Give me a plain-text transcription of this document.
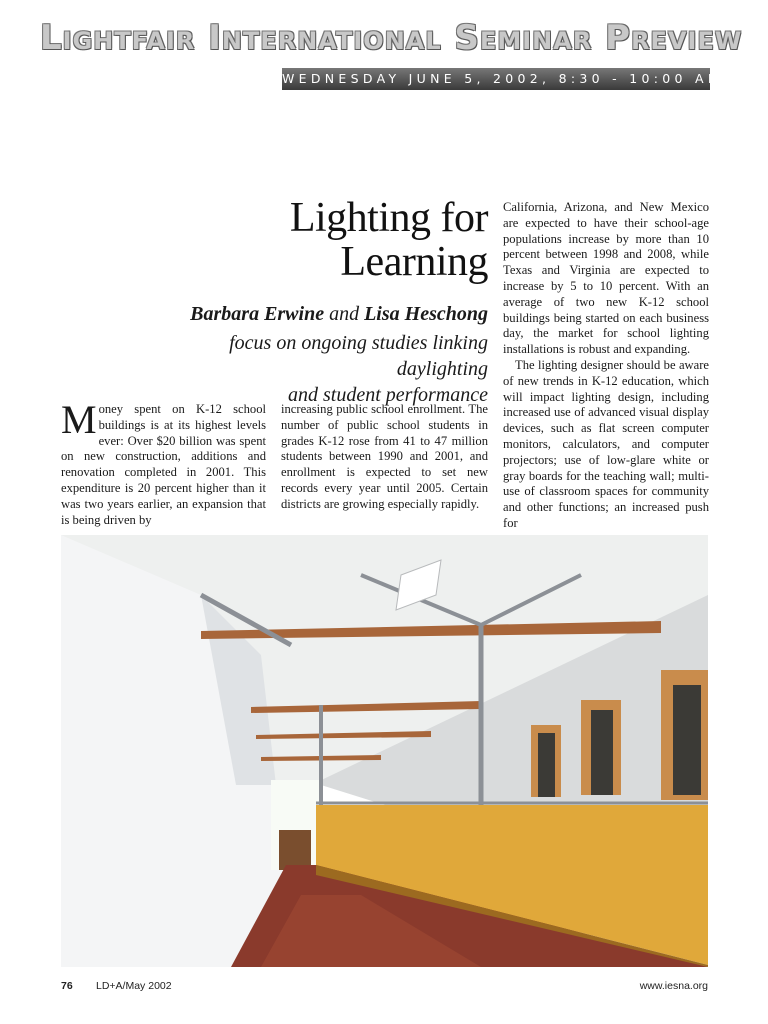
Lightfair International Seminar Preview
WEDNESDAY JUNE 5, 2002, 8:30 - 10:00 AM
Lighting for
Learning
Barbara Erwine and Lisa Heschong
focus on ongoing studies linking daylighting
and student performance
Money spent on K-12 school buildings is at its highest levels ever: Over $20 billion was spent on new construction, additions and renovation completed in 2001. This expenditure is 20 percent higher than it was two years earlier, an expansion that is being driven by
increasing public school enrollment. The number of public school students in grades K-12 rose from 41 to 47 million students between 1990 and 2001, and enrollment is expected to set new records every year until 2005. Certain districts are growing especially rapidly.
California, Arizona, and New Mexico are expected to have their school-age populations increase by more than 10 percent between 1998 and 2008, while Texas and Virginia are expected to increase by 5 to 10 percent. With an average of two new K-12 school buildings being started on each business day, the market for school lighting installations is robust and expanding.
The lighting designer should be aware of new trends in K-12 education, which will impact lighting design, including increased use of advanced visual display devices, such as flat screen computer monitors, calculators, and computer projectors; use of low-glare white or gray boards for the teaching wall; multi-use of classroom spaces for community and other functions; an increased push for
76 LD+A/May 2002	www.iesna.org
